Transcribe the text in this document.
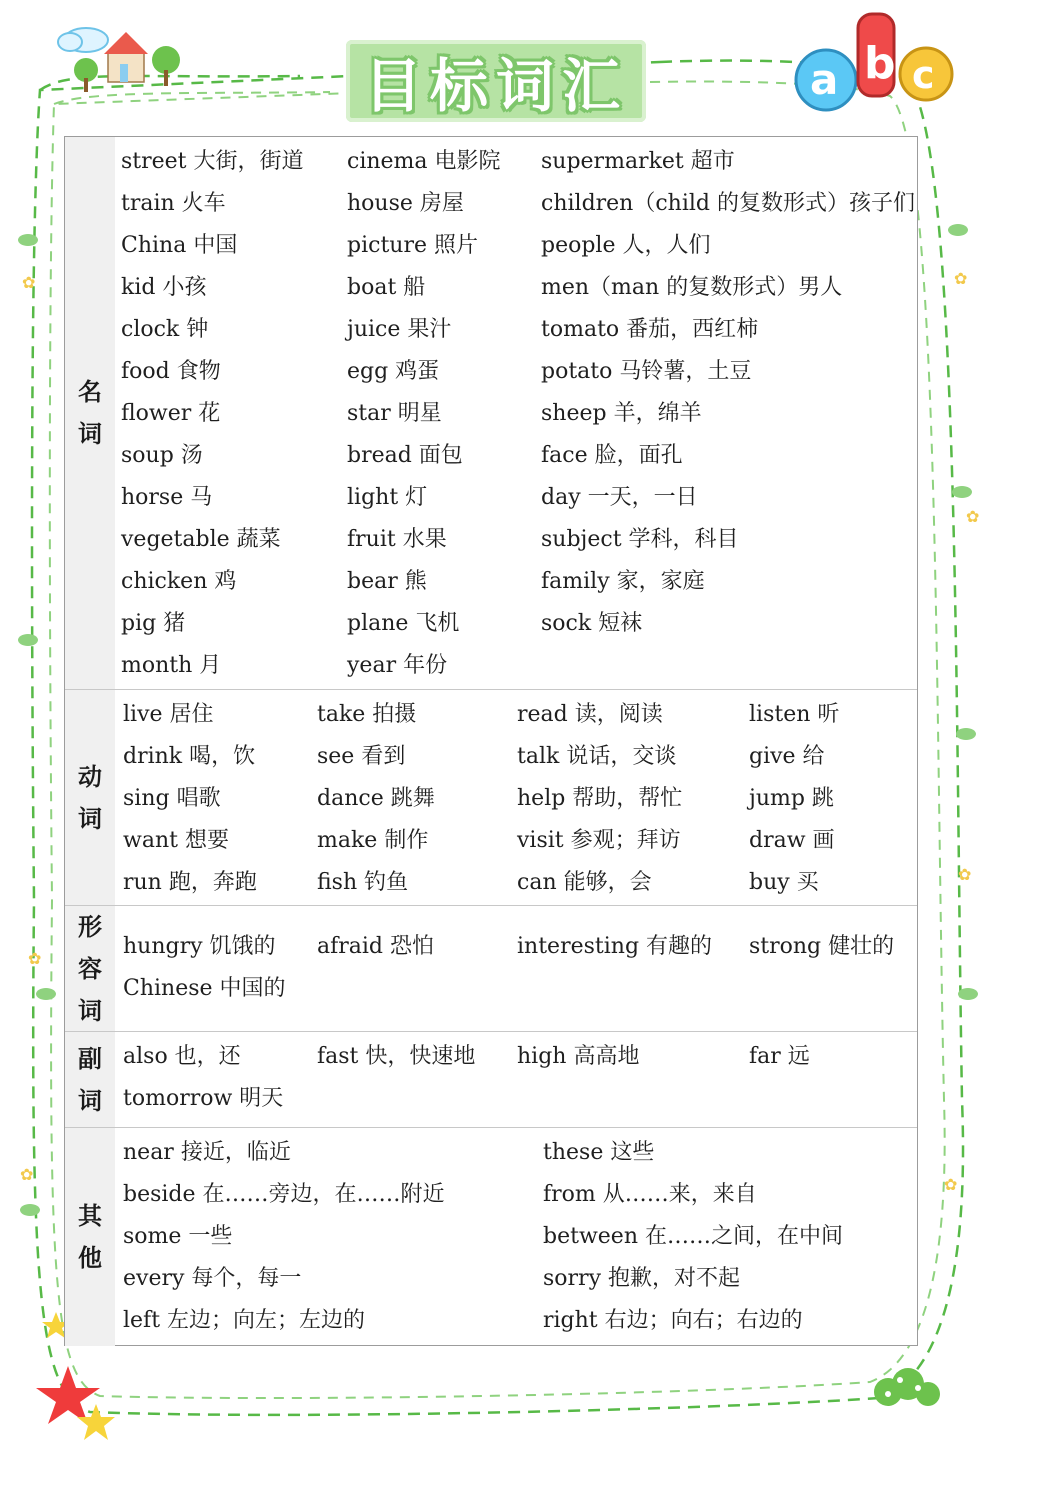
a b c
✿	✿
✿
✿
✿
✿
✿
目标词汇
名
词
street 大街，街道 cinema 电影院 supermarket 超市
train 火车	house 房屋	children（child 的复数形式）孩子们
China 中国	picture 照片	people 人，人们
kid 小孩	boat 船	men（man 的复数形式）男人
clock 钟	juice 果汁	tomato 番茄，西红柿
food 食物	egg 鸡蛋	potato 马铃薯，土豆
flower 花	star 明星	sheep 羊，绵羊
soup 汤	bread 面包	face 脸，面孔
horse 马	light 灯	day 一天，一日
vegetable 蔬菜	fruit 水果	subject 学科，科目
chicken 鸡	bear 熊	family 家，家庭
pig 猪	plane 飞机	sock 短袜
month 月	year 年份
动
词
live 居住	take 拍摄	read 读，阅读	listen 听
drink 喝，饮	see 看到	talk 说话，交谈	give 给
sing 唱歌	dance 跳舞	help 帮助，帮忙	jump 跳
want 想要	make 制作	visit 参观；拜访	draw 画
run 跑，奔跑	fish 钓鱼	can 能够，会	buy 买
形
容
词
hungry 饥饿的 afraid 恐怕	interesting 有趣的 strong 健壮的
Chinese 中国的
副
词
also 也，还	fast 快，快速地 high 高高地	far 远
tomorrow 明天
其
他
near 接近，临近	these 这些
beside 在……旁边，在……附近	from 从……来，来自
some 一些	between 在……之间，在中间
every 每个，每一	sorry 抱歉，对不起
left 左边；向左；左边的	right 右边；向右；右边的
